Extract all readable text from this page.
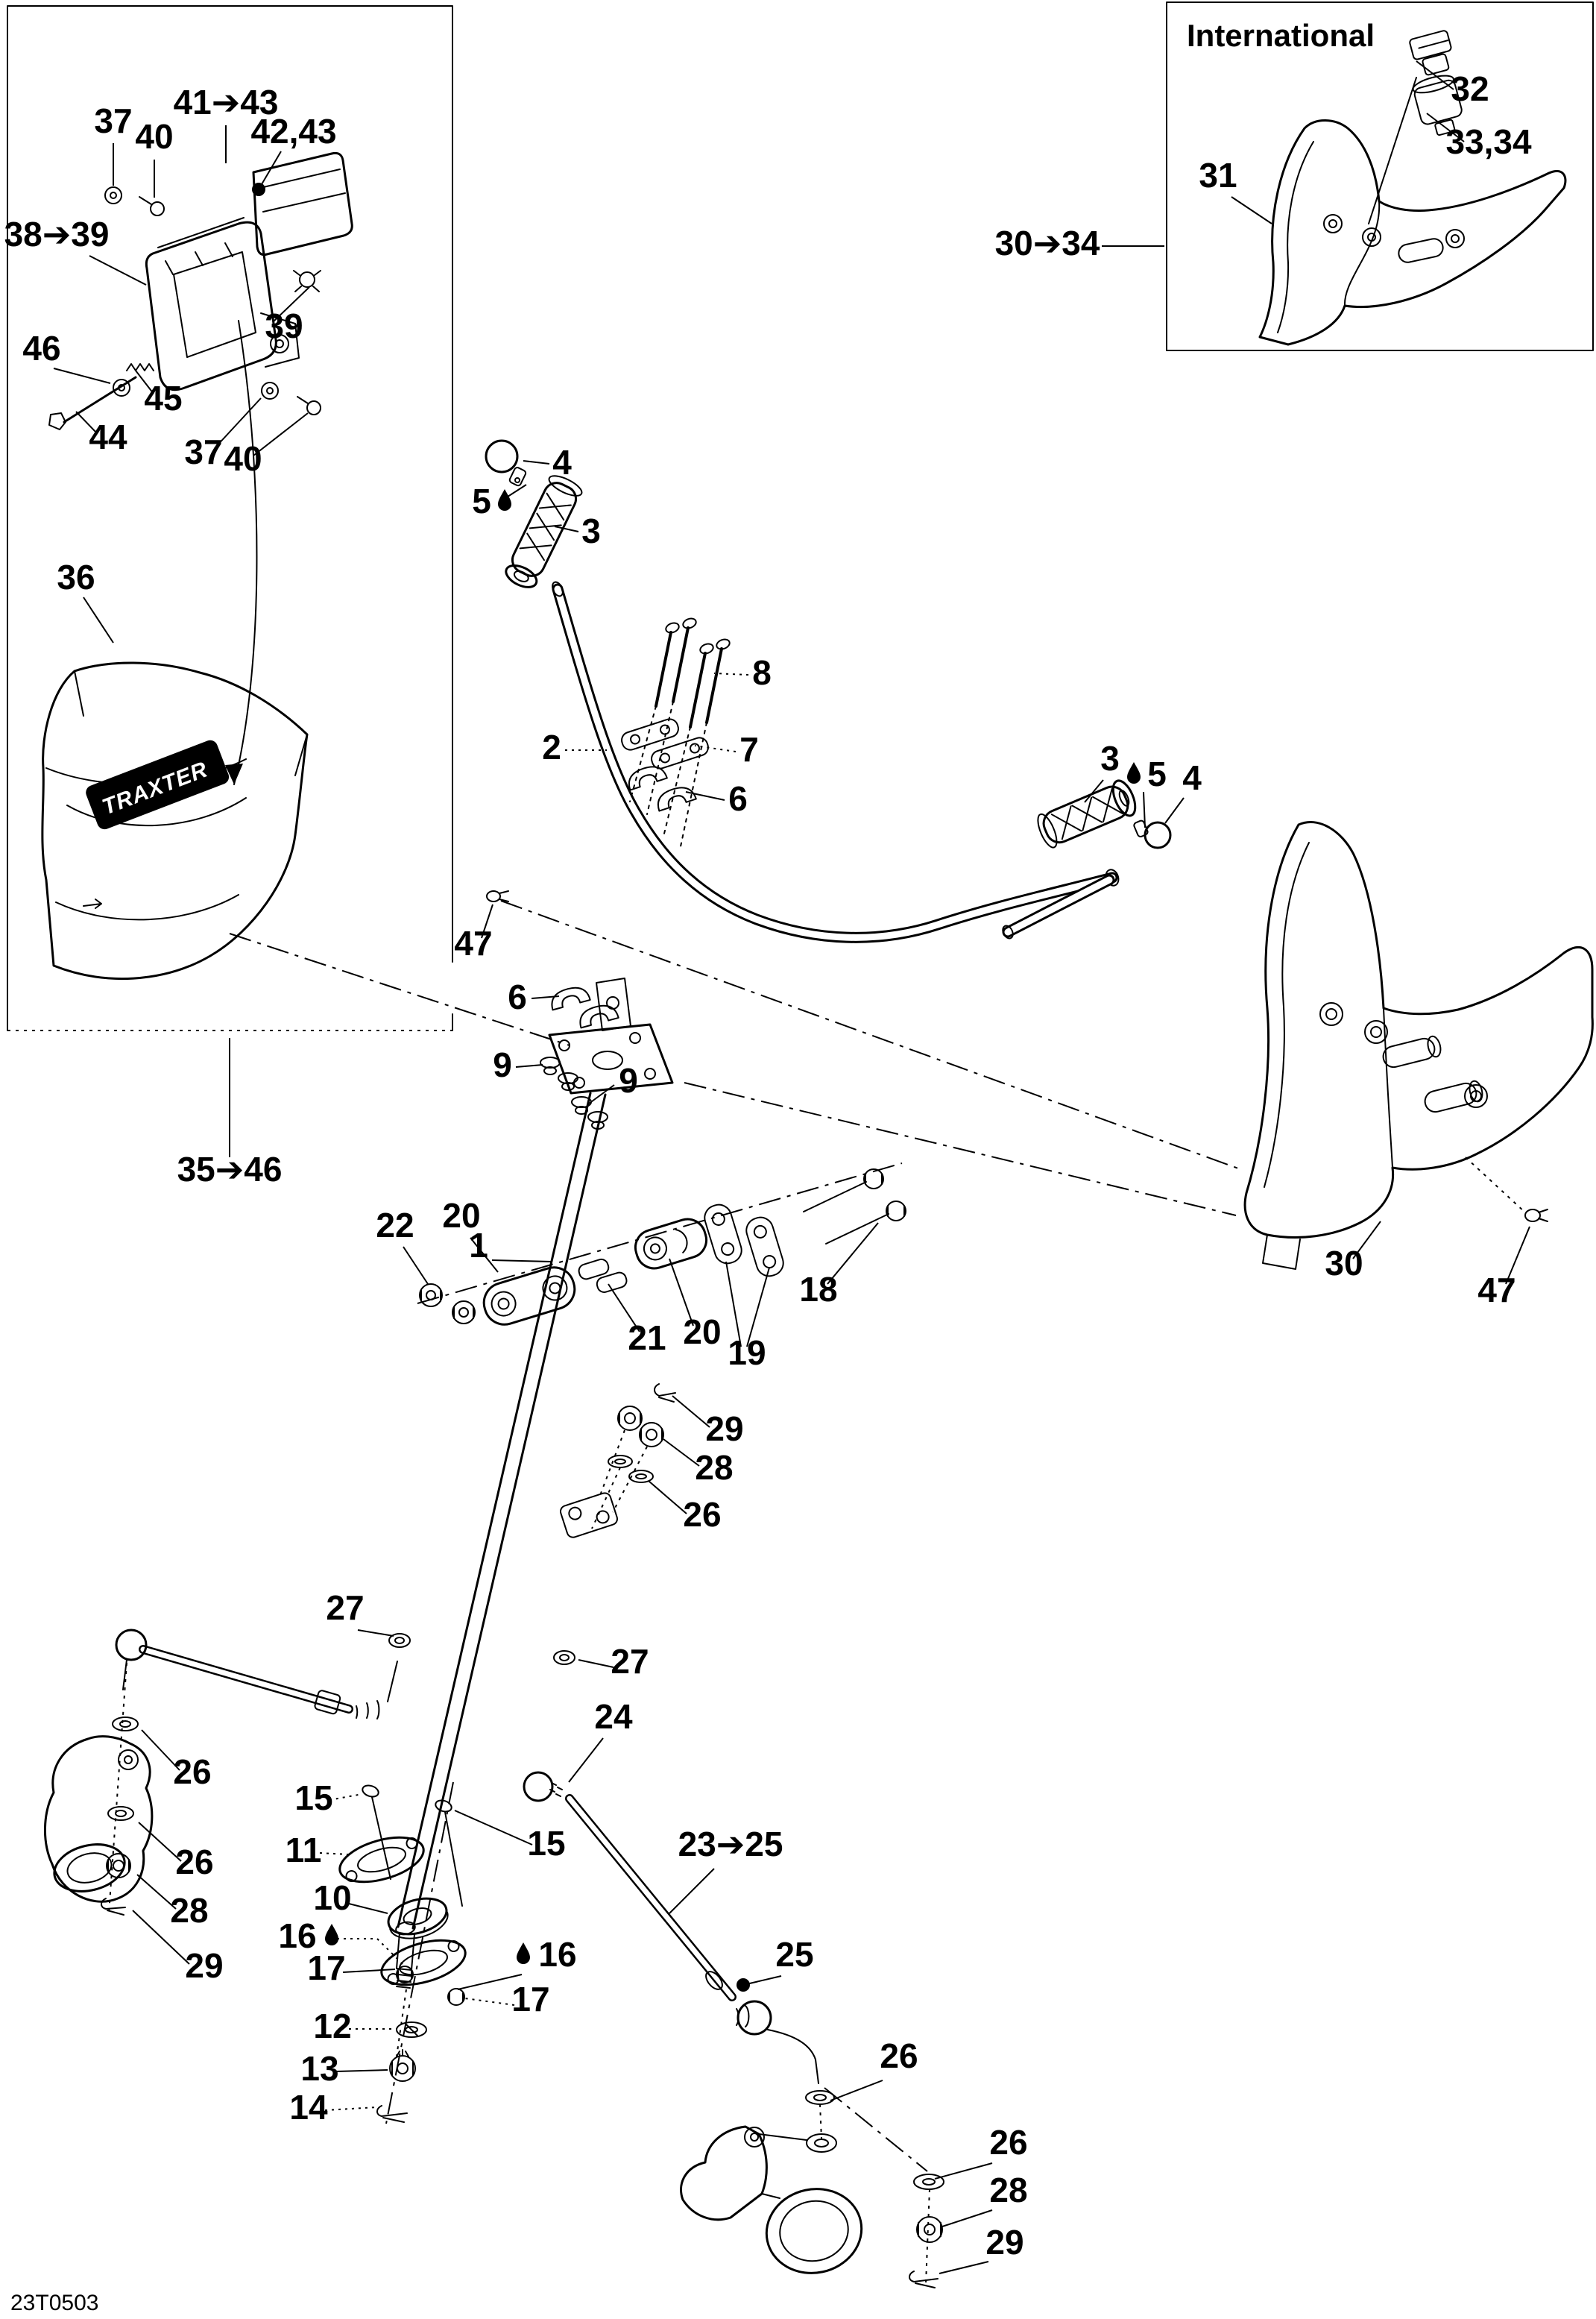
International
TRAXTER
37 40
41➔43
42,43
38➔39
39
46
45
44 37 40
36
35➔46
32
33,34
31
30➔34
4
5
3
2
8
7
6
6
47
9	9
3 5 4
1
22 20
21 20
19
18
29
28
26
27
27
24
23➔25
25
26
26
28
29
26
26
28
29
15
11
10
16
17
12
13
14
15
16
17
30
47
23T0503
